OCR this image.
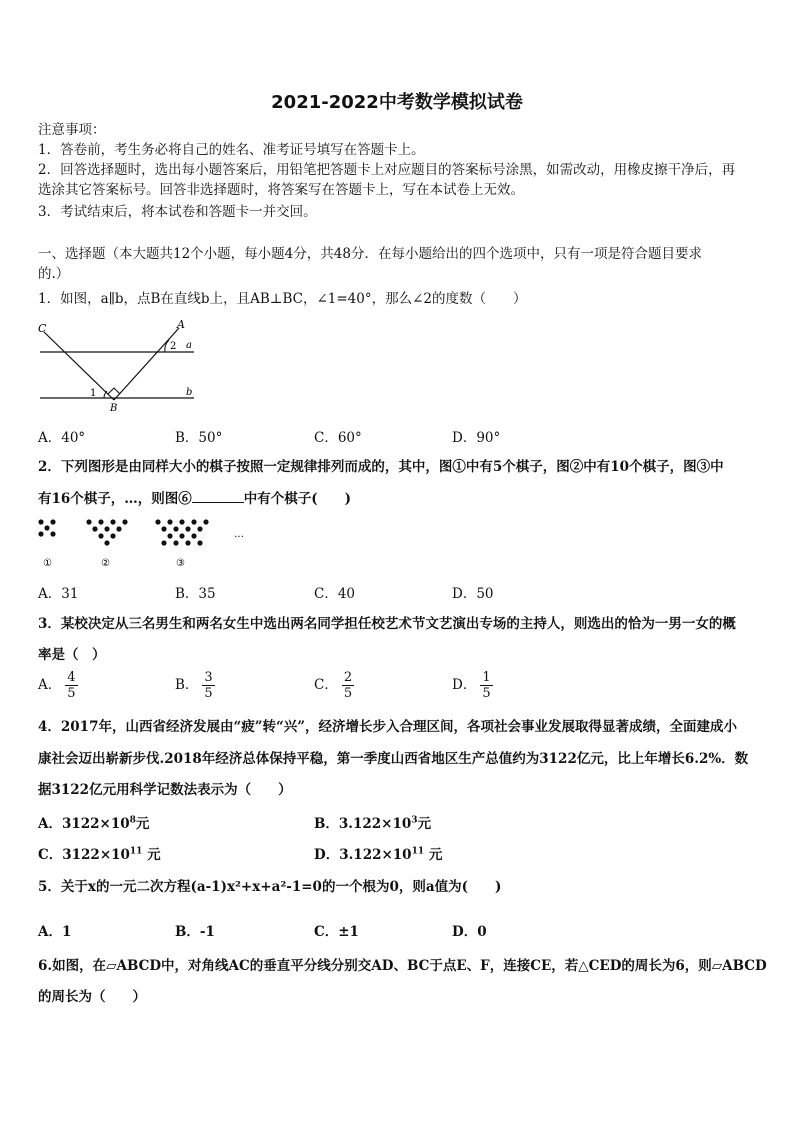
2021-2022中考数学模拟试卷
注意事项：
1．答卷前，考生务必将自己的姓名、准考证号填写在答题卡上。
2．回答选择题时，选出每小题答案后，用铅笔把答题卡上对应题目的答案标号涂黑，如需改动，用橡皮擦干净后，再
选涂其它答案标号。回答非选择题时，将答案写在答题卡上，写在本试卷上无效。
3．考试结束后，将本试卷和答题卡一并交回。
一、选择题（本大题共12个小题，每小题4分，共48分．在每小题给出的四个选项中，只有一项是符合题目要求
的.）
1．如图，a∥b，点B在直线b上，且AB⊥BC，∠1=40°，那么∠2的度数（　　）
C	A
a
b
B
1
2
A．40°	B．50°	C．60°	D．90°
2．下列图形是由同样大小的棋子按照一定规律排列而成的，其中，图①中有5个棋子，图②中有10个棋子，图③中
有16个棋子，…，则图⑥	中有个棋子(　　)
…
①	②	③
A．31	B．35	C．40	D．50
3．某校决定从三名男生和两名女生中选出两名同学担任校艺术节文艺演出专场的主持人，则选出的恰为一男一女的概
率是（　）
A． $\frac{4}{5}$	B． $\frac{3}{5}$	C． $\frac{2}{5}$	D． $\frac{1}{5}$
4．2017年，山西省经济发展由“疲”转“兴”，经济增长步入合理区间，各项社会事业发展取得显著成绩，全面建成小
康社会迈出崭新步伐.2018年经济总体保持平稳，第一季度山西省地区生产总值约为3122亿元，比上年增长6.2%．数
据3122亿元用科学记数法表示为（　　）
A．$3122\times 10^8$元	B．$3.122\times 10^3$元
C．$3122\times 10^{11}$ 元	D．$3.122\times 10^{11}$ 元
5．关于x的一元二次方程(a-1)x²+x+a²-1=0的一个根为0，则a值为(　　)
A．1	B．-1	C．±1	D．0
6.如图，在▱ABCD中，对角线AC的垂直平分线分别交AD、BC于点E、F，连接CE，若△CED的周长为6，则▱ABCD
的周长为（　　）
